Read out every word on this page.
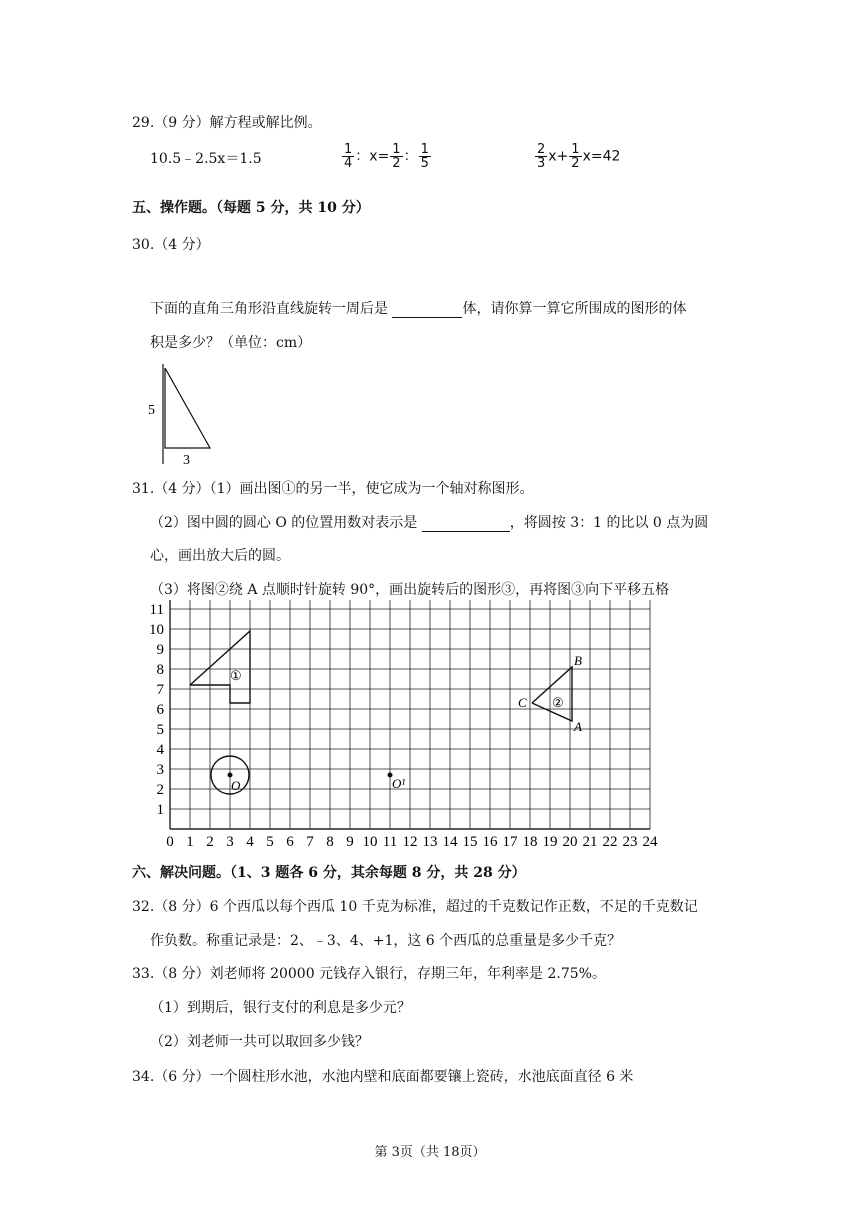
29.（9 分）解方程或解比例。
10.5﹣2.5x＝1.5	$\frac{1}{4}$ ：$x= \frac{1}{2}$ ： $\frac{1}{5}$	$\frac{2}{3} x+ \frac{1}{2} x=42$
五、操作题。（每题 5 分，共 10 分）
30.（4 分）
下面的直角三角形沿直线旋转一周后是	体，请你算一算它所围成的图形的体
积是多少？（单位：cm）
5
3
31.（4 分）（1）画出图①的另一半，使它成为一个轴对称图形。
（2）图中圆的圆心 O 的位置用数对表示是	，将圆按 3：1 的比以 0 点为圆
心，画出放大后的圆。
（3）将图②绕 A 点顺时针旋转 90°，画出旋转后的图形③，再将图③向下平移五格
①
②
B
C
A
O	O¹
0 1 2 3 4 5 6 7 8 9 10 11 12 13 14 15 16 17 18 19 20 21 22 23 24
1
2
3
4
5
6
7
8
9
10
11
六、解决问题。（1、3 题各 6 分，其余每题 8 分，共 28 分）
32.（8 分）6 个西瓜以每个西瓜 10 千克为标准，超过的千克数记作正数，不足的千克数记
作负数。称重记录是：2、﹣3、4、+1，这 6 个西瓜的总重量是多少千克？
33.（8 分）刘老师将 20000 元钱存入银行，存期三年，年利率是 2.75%。
（1）到期后，银行支付的利息是多少元？
（2）刘老师一共可以取回多少钱？
34.（6 分）一个圆柱形水池，水池内壁和底面都要镶上瓷砖，水池底面直径 6 米
第 3页（共 18页）
